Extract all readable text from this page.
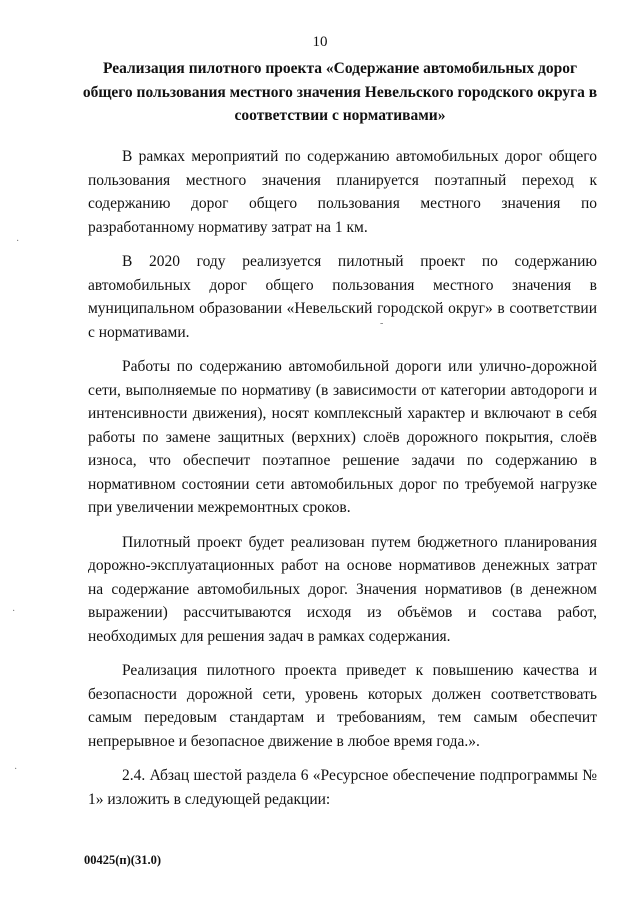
10
Реализация пилотного проекта «Содержание автомобильных дорог общего пользования местного значения Невельского городского округа в соответствии с нормативами»

В рамках мероприятий по содержанию автомобильных дорог общего пользования местного значения планируется поэтапный переход к содержанию дорог общего пользования местного значения по разработанному нормативу затрат на 1 км.

В 2020 году реализуется пилотный проект по содержанию автомобильных дорог общего пользования местного значения в муниципальном образовании «Невельский городской округ» в соответствии с нормативами.

Работы по содержанию автомобильной дороги или улично-дорожной сети, выполняемые по нормативу (в зависимости от категории автодороги и интенсивности движения), носят комплексный характер и включают в себя работы по замене защитных (верхних) слоёв дорожного покрытия, слоёв износа, что обеспечит поэтапное решение задачи по содержанию в нормативном состоянии сети автомобильных дорог по требуемой нагрузке при увеличении межремонтных сроков.

Пилотный проект будет реализован путем бюджетного планирования дорожно-эксплуатационных работ на основе нормативов денежных затрат на содержание автомобильных дорог. Значения нормативов (в денежном выражении) рассчитываются исходя из объёмов и состава работ, необходимых для решения задач в рамках содержания.

Реализация пилотного проекта приведет к повышению качества и безопасности дорожной сети, уровень которых должен соответствовать самым передовым стандартам и требованиям, тем самым обеспечит непрерывное и безопасное движение в любое время года.».

2.4. Абзац шестой раздела 6 «Ресурсное обеспечение подпрограммы № 1» изложить в следующей редакции:

00425(п)(31.0)
·
·
·
-
